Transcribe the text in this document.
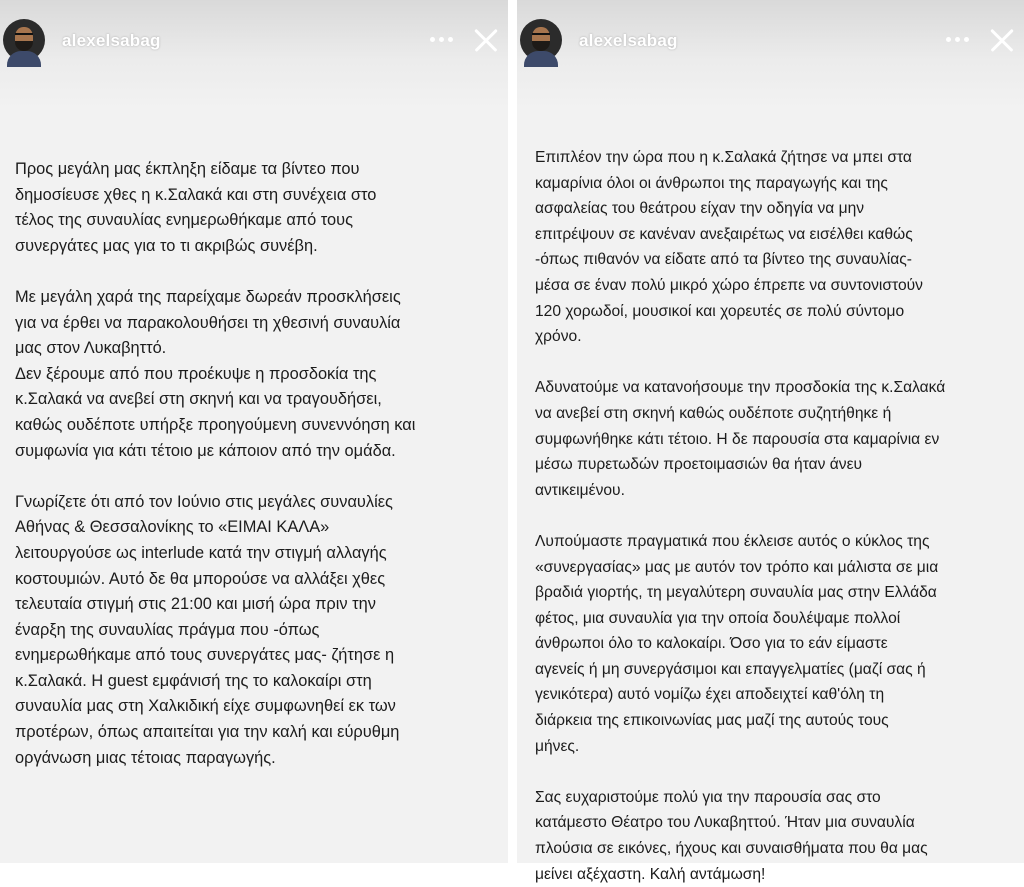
alexelsabag
Προς μεγάλη μας έκπληξη είδαμε τα βίντεο που
δημοσίευσε χθες η κ.Σαλακά και στη συνέχεια στο
τέλος της συναυλίας ενημερωθήκαμε από τους
συνεργάτες μας για το τι ακριβώς συνέβη.
Με μεγάλη χαρά της παρείχαμε δωρεάν προσκλήσεις
για να έρθει να παρακολουθήσει τη χθεσινή συναυλία
μας στον Λυκαβηττό.
Δεν ξέρουμε από που προέκυψε η προσδοκία της
κ.Σαλακά να ανεβεί στη σκηνή και να τραγουδήσει,
καθώς ουδέποτε υπήρξε προηγούμενη συνεννόηση και
συμφωνία για κάτι τέτοιο με κάποιον από την ομάδα.
Γνωρίζετε ότι από τον Ιούνιο στις μεγάλες συναυλίες
Αθήνας & Θεσσαλονίκης το «ΕΙΜΑΙ ΚΑΛΑ»
λειτουργούσε ως interlude κατά την στιγμή αλλαγής
κοστουμιών. Αυτό δε θα μπορούσε να αλλάξει χθες
τελευταία στιγμή στις 21:00 και μισή ώρα πριν την
έναρξη της συναυλίας πράγμα που -όπως
ενημερωθήκαμε από τους συνεργάτες μας- ζήτησε η
κ.Σαλακά. Η guest εμφάνισή της το καλοκαίρι στη
συναυλία μας στη Χαλκιδική είχε συμφωνηθεί εκ των
προτέρων, όπως απαιτείται για την καλή και εύρυθμη
οργάνωση μιας τέτοιας παραγωγής.
alexelsabag
Επιπλέον την ώρα που η κ.Σαλακά ζήτησε να μπει στα
καμαρίνια όλοι οι άνθρωποι της παραγωγής και της
ασφαλείας του θεάτρου είχαν την οδηγία να μην
επιτρέψουν σε κανέναν ανεξαιρέτως να εισέλθει καθώς
-όπως πιθανόν να είδατε από τα βίντεο της συναυλίας-
μέσα σε έναν πολύ μικρό χώρο έπρεπε να συντονιστούν
120 χορωδοί, μουσικοί και χορευτές σε πολύ σύντομο
χρόνο.
Αδυνατούμε να κατανοήσουμε την προσδοκία της κ.Σαλακά
να ανεβεί στη σκηνή καθώς ουδέποτε συζητήθηκε ή
συμφωνήθηκε κάτι τέτοιο. Η δε παρουσία στα καμαρίνια εν
μέσω πυρετωδών προετοιμασιών θα ήταν άνευ
αντικειμένου.
Λυπούμαστε πραγματικά που έκλεισε αυτός ο κύκλος της
«συνεργασίας» μας με αυτόν τον τρόπο και μάλιστα σε μια
βραδιά γιορτής, τη μεγαλύτερη συναυλία μας στην Ελλάδα
φέτος, μια συναυλία για την οποία δουλέψαμε πολλοί
άνθρωποι όλο το καλοκαίρι. Όσο για το εάν είμαστε
αγενείς ή μη συνεργάσιμοι και επαγγελματίες (μαζί σας ή
γενικότερα) αυτό νομίζω έχει αποδειχτεί καθ'όλη τη
διάρκεια της επικοινωνίας μας μαζί της αυτούς τους
μήνες.
Σας ευχαριστούμε πολύ για την παρουσία σας στο
κατάμεστο Θέατρο του Λυκαβηττού. Ήταν μια συναυλία
πλούσια σε εικόνες, ήχους και συναισθήματα που θα μας
μείνει αξέχαστη. Καλή αντάμωση!
